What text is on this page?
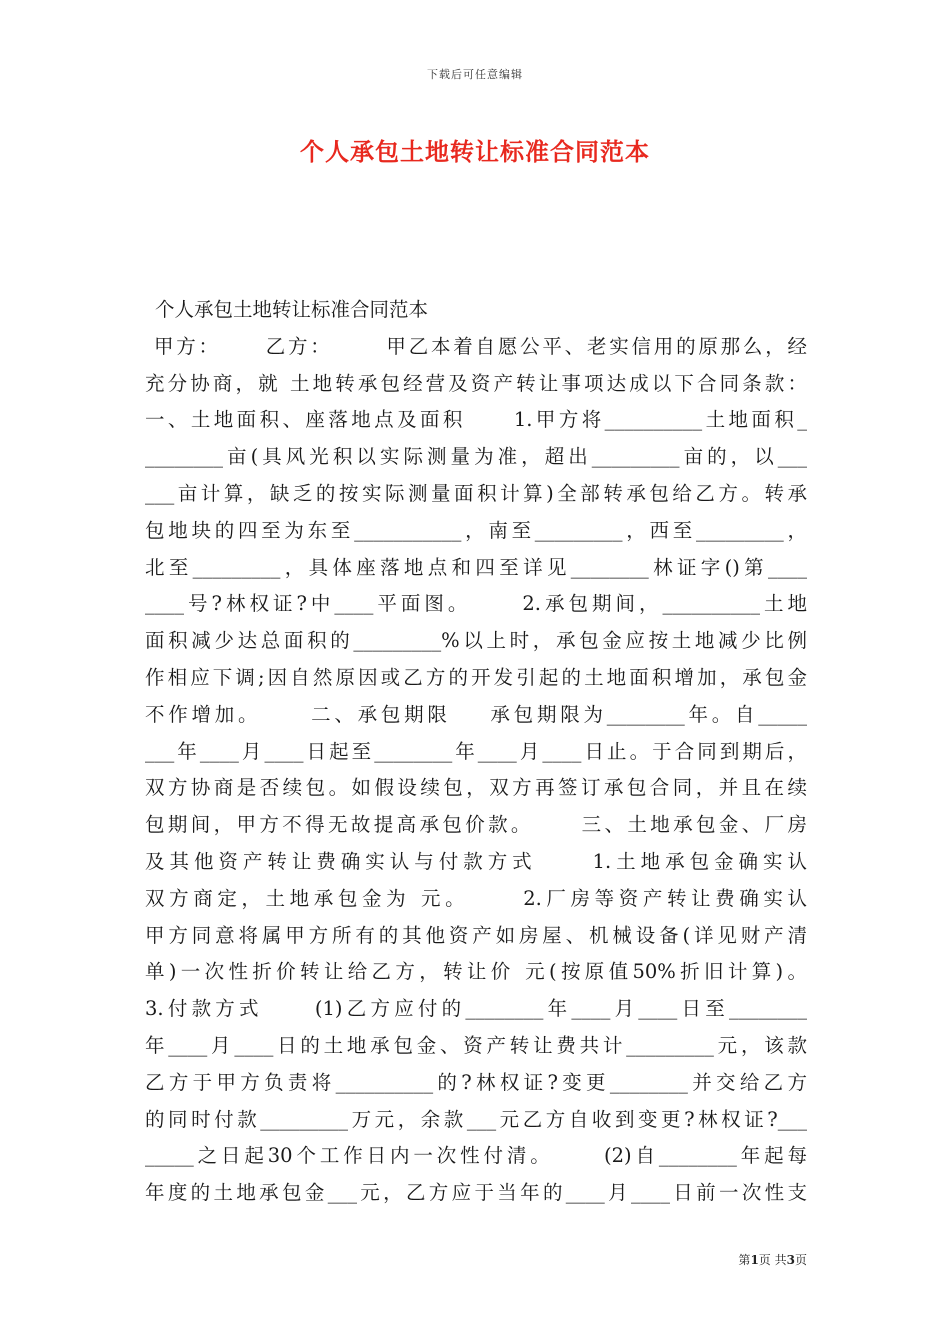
下载后可任意编辑
个人承包土地转让标准合同范本
个人承包土地转让标准合同范本
甲方：     乙方：      甲乙本着自愿公平、老实信用的原那么，经
充分协商，就 土地转承包经营及资产转让事项达成以下合同条款：
一、土地面积、座落地点及面积     1.甲方将__________土地面积_
________亩(具风光积以实际测量为准，超出_________亩的，以___
___亩计算，缺乏的按实际测量面积计算)全部转承包给乙方。转承
包地块的四至为东至___________，南至_________，西至_________，
北至_________，具体座落地点和四至详见________林证字()第____
____号?林权证?中____平面图。     2.承包期间，__________土地
面积减少达总面积的_________%以上时，承包金应按土地减少比例
作相应下调;因自然原因或乙方的开发引起的土地面积增加，承包金
不作增加。     二、承包期限    承包期限为________年。自_____
___年____月____日起至________年____月____日止。于合同到期后，
双方协商是否续包。如假设续包，双方再签订承包合同，并且在续
包期间，甲方不得无故提高承包价款。     三、土地承包金、厂房
及其他资产转让费确实认与付款方式     1.土地承包金确实认
双方商定，土地承包金为 元。     2.厂房等资产转让费确实认
甲方同意将属甲方所有的其他资产如房屋、机械设备(详见财产清
单)一次性折价转让给乙方，转让价 元(按原值50%折旧计算)。
3.付款方式     (1)乙方应付的________年____月____日至________
年____月____日的土地承包金、资产转让费共计_________元，该款
乙方于甲方负责将__________的?林权证?变更________并交给乙方
的同时付款_________万元，余款___元乙方自收到变更?林权证?___
_____之日起30个工作日内一次性付清。     (2)自________年起每
年度的土地承包金___元，乙方应于当年的____月____日前一次性支
第1页 共3页
